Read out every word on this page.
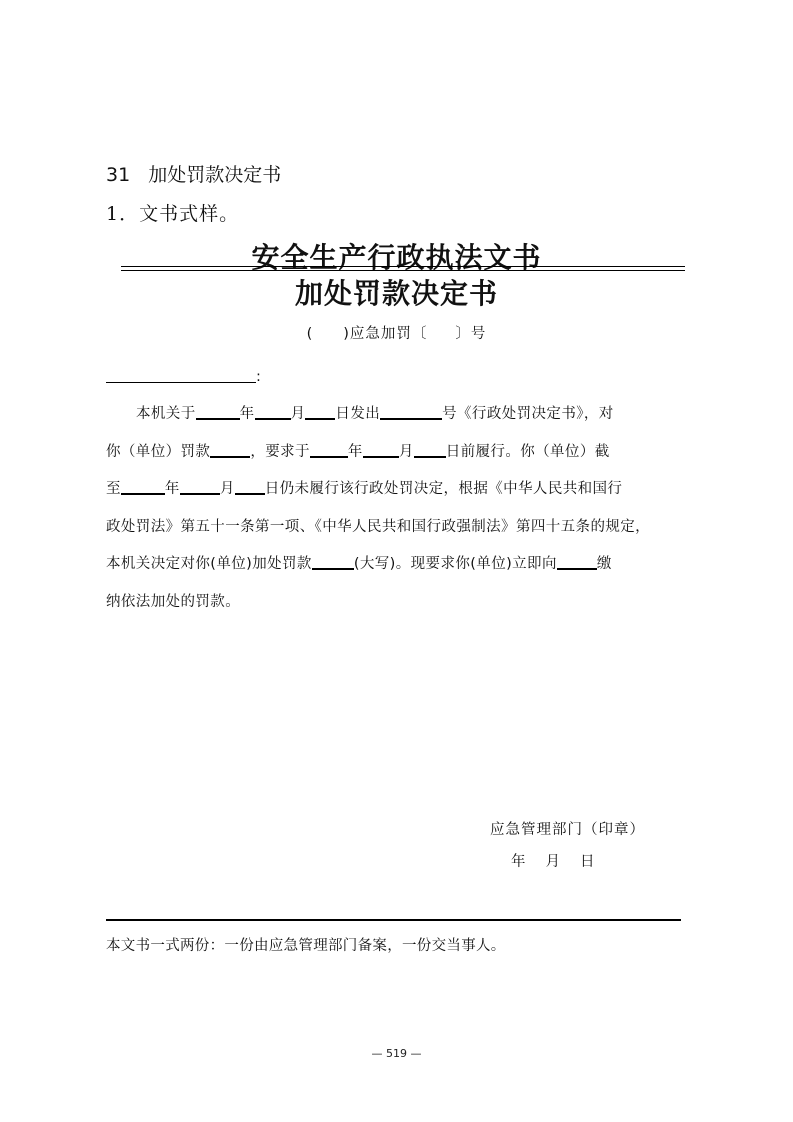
31 加处罚款决定书
1．文书式样。
安全生产行政执法文书
加处罚款决定书
( )应急加罚〔 〕号
:
本机关于	年 月 日发出	号《行政处罚决定书》，对
你（单位）罚款	，要求于	年 月 日前履行。你（单位）截
至	年	月 日仍未履行该行政处罚决定，根据《中华人民共和国行
政处罚法》第五十一条第一项、《中华人民共和国行政强制法》第四十五条的规定，
本机关决定对你(单位)加处罚款	(大写)。现要求你(单位)立即向	缴
纳依法加处的罚款。
应急管理部门（印章）
年 月 日
本文书一式两份：一份由应急管理部门备案，一份交当事人。
— 519 —
